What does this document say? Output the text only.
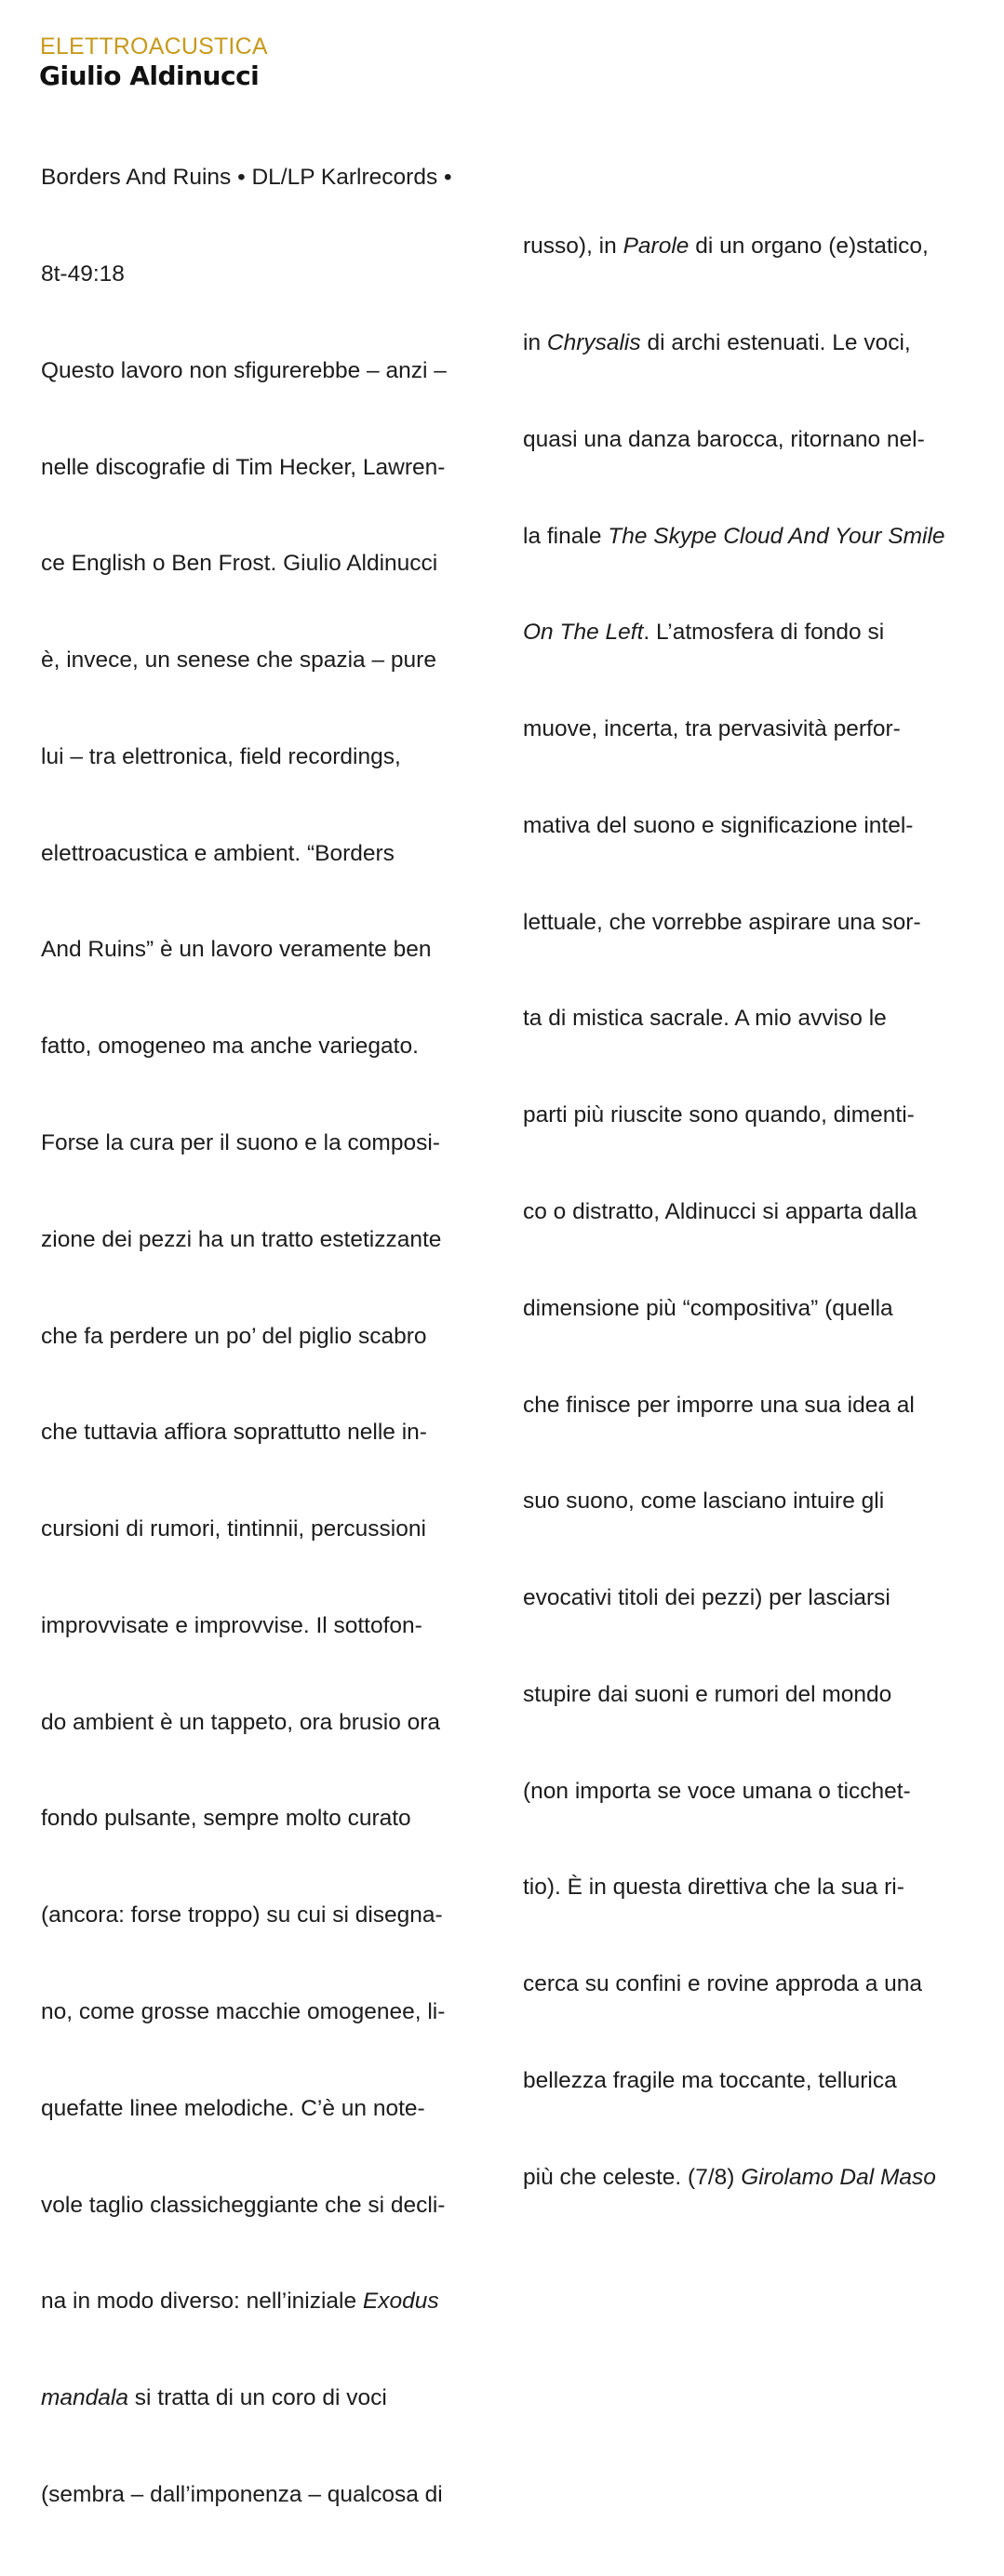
ELETTROACUSTICA
Giulio Aldinucci

Borders And Ruins • DL/LP Karlrecords •

8t-49:18

Questo lavoro non sfigurerebbe – anzi –

nelle discografie di Tim Hecker, Lawren-

ce English o Ben Frost. Giulio Aldinucci

è, invece, un senese che spazia – pure

lui – tra elettronica, field recordings,

elettroacustica e ambient. “Borders

And Ruins” è un lavoro veramente ben

fatto, omogeneo ma anche variegato.

Forse la cura per il suono e la composi-

zione dei pezzi ha un tratto estetizzante

che fa perdere un po’ del piglio scabro

che tuttavia affiora soprattutto nelle in-

cursioni di rumori, tintinnii, percussioni

improvvisate e improvvise. Il sottofon-

do ambient è un tappeto, ora brusio ora

fondo pulsante, sempre molto curato

(ancora: forse troppo) su cui si disegna-

no, come grosse macchie omogenee, li-

quefatte linee melodiche. C’è un note-

vole taglio classicheggiante che si decli-

na in modo diverso: nell’iniziale Exodus

mandala si tratta di un coro di voci

(sembra – dall’imponenza – qualcosa di

russo), in Parole di un organo (e)statico,

in Chrysalis di archi estenuati. Le voci,

quasi una danza barocca, ritornano nel-

la finale The Skype Cloud And Your Smile

On The Left. L’atmosfera di fondo si

muove, incerta, tra pervasività perfor-

mativa del suono e significazione intel-

lettuale, che vorrebbe aspirare una sor-

ta di mistica sacrale. A mio avviso le

parti più riuscite sono quando, dimenti-

co o distratto, Aldinucci si apparta dalla

dimensione più “compositiva” (quella

che finisce per imporre una sua idea al

suo suono, come lasciano intuire gli

evocativi titoli dei pezzi) per lasciarsi

stupire dai suoni e rumori del mondo

(non importa se voce umana o ticchet-

tio). È in questa direttiva che la sua ri-

cerca su confini e rovine approda a una

bellezza fragile ma toccante, tellurica

più che celeste. (7/8) Girolamo Dal Maso
